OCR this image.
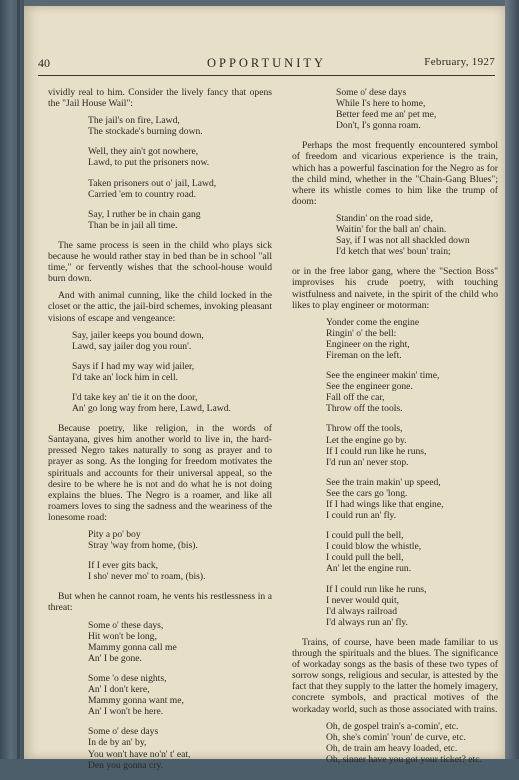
40	OPPORTUNITY	February, 1927

vividly real to him. Consider the lively fancy that opens the "Jail House Wail":

The jail's on fire, Lawd,
The stockade's burning down.
Well, they ain't got nowhere,
Lawd, to put the prisoners now.
Taken prisoners out o' jail, Lawd,
Carried 'em to country road.
Say, I ruther be in chain gang
Than be in jail all time.

The same process is seen in the child who plays sick because he would rather stay in bed than be in school "all time," or fervently wishes that the school-house would burn down.

And with animal cunning, like the child locked in the closet or the attic, the jail-bird schemes, invoking pleasant visions of escape and vengeance:

Say, jailer keeps you bound down,
Lawd, say jailer dog you roun'.
Says if I had my way wid jailer,
I'd take an' lock him in cell.
I'd take key an' tie it on the door,
An' go long way from here, Lawd, Lawd.

Because poetry, like religion, in the words of Santayana, gives him another world to live in, the hard-pressed Negro takes naturally to song as prayer and to prayer as song. As the longing for freedom motivates the spirituals and accounts for their universal appeal, so the desire to be where he is not and do what he is not doing explains the blues. The Negro is a roamer, and like all roamers loves to sing the sadness and the weariness of the lonesome road:

Pity a po' boy
Stray 'way from home, (bis).
If I ever gits back,
I sho' never mo' to roam, (bis).

But when he cannot roam, he vents his restlessness in a threat:

Some o' these days,
Hit won't be long,
Mammy gonna call me
An' I be gone.
Some 'o dese nights,
An' I don't kere,
Mammy gonna want me,
An' I won't be here.
Some o' dese days
In de by an' by,
You won't have no'n' t' eat,
Den you gonna cry.
Some o' dese days
While I's here to home,
Better feed me an' pet me,
Don't, I's gonna roam.

Perhaps the most frequently encountered symbol of freedom and vicarious experience is the train, which has a powerful fascination for the Negro as for the child mind, whether in the "Chain-Gang Blues"; where its whistle comes to him like the trump of doom:

Standin' on the road side,
Waitin' for the ball an' chain.
Say, if I was not all shackled down
I'd ketch that wes' boun' train;

or in the free labor gang, where the "Section Boss" improvises his crude poetry, with touching wistfulness and naivete, in the spirit of the child who likes to play engineer or motorman:

Yonder come the engine
Ringin' o' the bell:
Engineer on the right,
Fireman on the left.
See the engineer makin' time,
See the engineer gone.
Fall off the car,
Throw off the tools.
Throw off the tools,
Let the engine go by.
If I could run like he runs,
I'd run an' never stop.
See the train makin' up speed,
See the cars go 'long.
If I had wings like that engine,
I could run an' fly.
I could pull the bell,
I could blow the whistle,
I could pull the bell,
An' let the engine run.
If I could run like he runs,
I never would quit,
I'd always railroad
I'd always run an' fly.

Trains, of course, have been made familiar to us through the spirituals and the blues. The significance of workaday songs as the basis of these two types of sorrow songs, religious and secular, is attested by the fact that they supply to the latter the homely imagery, concrete symbols, and practical motives of the workaday world, such as those associated with trains.

Oh, de gospel train's a-comin', etc.
Oh, she's comin' 'roun' de curve, etc.
Oh, de train am heavy loaded, etc.
Oh, sinner have you got your ticket? etc.
